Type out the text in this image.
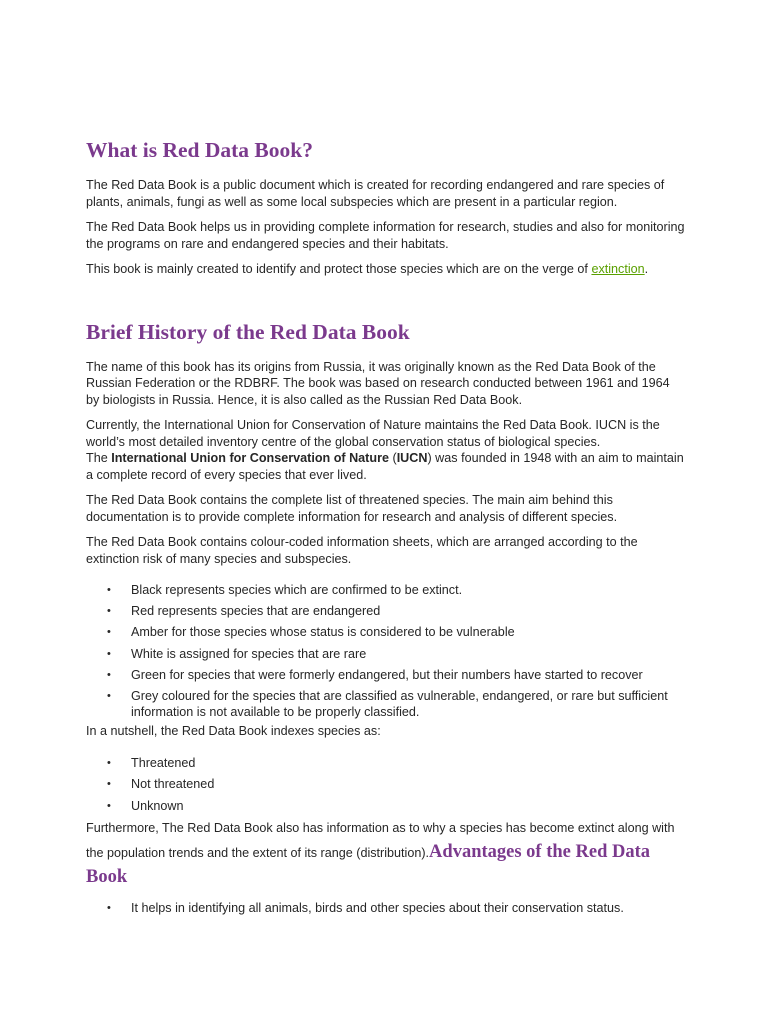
What is Red Data Book?

The Red Data Book is a public document which is created for recording endangered and rare species of plants, animals, fungi as well as some local subspecies which are present in a particular region.

The Red Data Book helps us in providing complete information for research, studies and also for monitoring the programs on rare and endangered species and their habitats.

This book is mainly created to identify and protect those species which are on the verge of extinction.

Brief History of the Red Data Book

The name of this book has its origins from Russia, it was originally known as the Red Data Book of the Russian Federation or the RDBRF. The book was based on research conducted between 1961 and 1964 by biologists in Russia. Hence, it is also called as the Russian Red Data Book.

Currently, the International Union for Conservation of Nature maintains the Red Data Book. IUCN is the world’s most detailed inventory centre of the global conservation status of biological species.
The International Union for Conservation of Nature (IUCN) was founded in 1948 with an aim to maintain a complete record of every species that ever lived.

The Red Data Book contains the complete list of threatened species. The main aim behind this documentation is to provide complete information for research and analysis of different species.

The Red Data Book contains colour-coded information sheets, which are arranged according to the extinction risk of many species and subspecies.

• Black represents species which are confirmed to be extinct.
• Red represents species that are endangered
• Amber for those species whose status is considered to be vulnerable
• White is assigned for species that are rare
• Green for species that were formerly endangered, but their numbers have started to recover
• Grey coloured for the species that are classified as vulnerable, endangered, or rare but sufficient information is not available to be properly classified.

In a nutshell, the Red Data Book indexes species as:

• Threatened
• Not threatened
• Unknown

Furthermore, The Red Data Book also has information as to why a species has become extinct along with the population trends and the extent of its range (distribution).Advantages of the Red Data Book

• It helps in identifying all animals, birds and other species about their conservation status.
